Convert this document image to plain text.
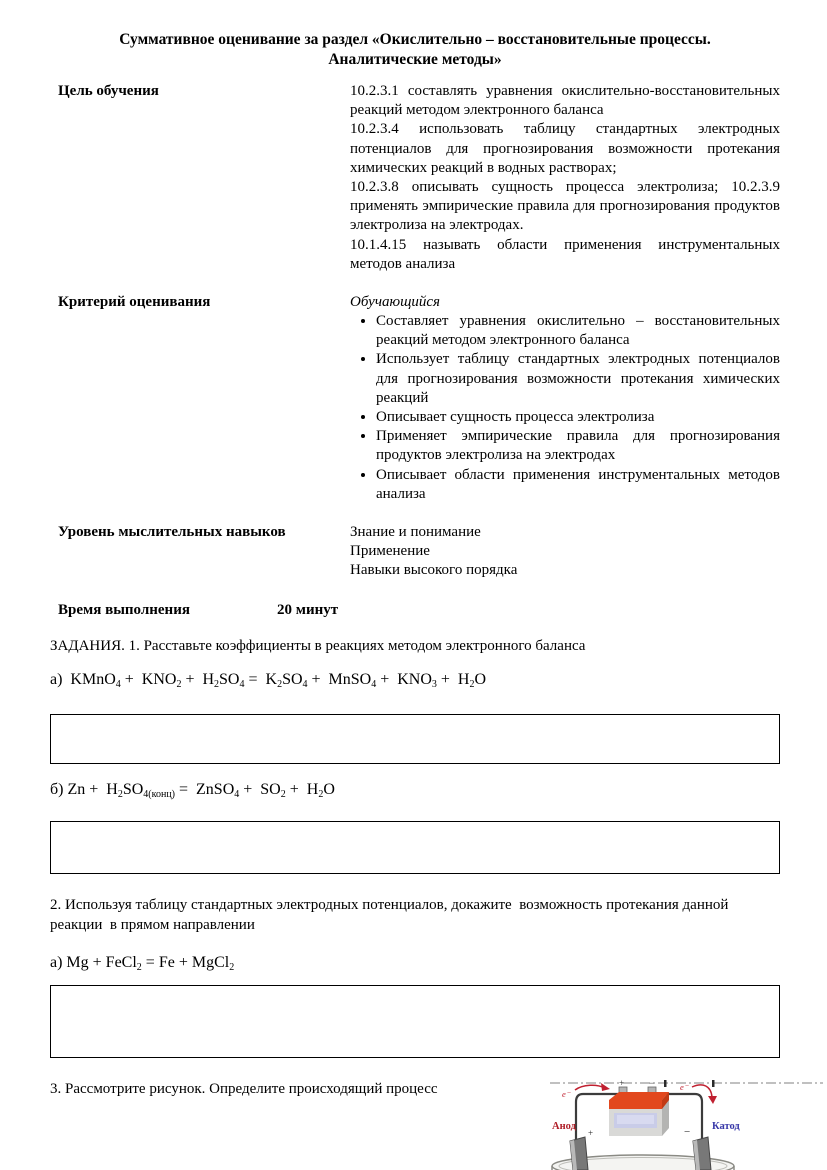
Суммативное оценивание за раздел «Окислительно – восстановительные процессы.
Аналитические методы»
Цель обучения	10.2.3.1 составлять уравнения окислительно-восстановительных реакций методом электронного баланса

10.2.3.4 использовать таблицу стандартных электродных потенциалов для прогнозирования возможности протекания химических реакций в водных растворах;

10.2.3.8 описывать сущность процесса электролиза; 10.2.3.9 применять эмпирические правила для прогнозирования продуктов электролиза на электродах.

10.1.4.15 называть области применения инструментальных методов анализа

Критерий оценивания	Обучающийся
• Составляет уравнения окислительно – восстановительных реакций методом электронного баланса
• Использует таблицу стандартных электродных потенциалов для прогнозирования возможности протекания химических реакций
• Описывает сущность процесса электролиза
• Применяет эмпирические правила для прогнозирования продуктов электролиза на электродах
• Описывает области применения инструментальных методов анализа
Уровень мыслительных навыков	Знание и понимание

Применение

Навыки высокого порядка

Время выполнения	20 минут
ЗАДАНИЯ. 1. Расставьте коэффициенты в реакциях методом электронного баланса
а)  KMnO$_4$ +  $KNO_2 + H_2SO_4 = K_2SO_4$ +  MnSO$_4$ +  $KNO_3 + H_2O$
б) $Zn + H_2SO_{4(конц)}$ =  ZnSO$_4$ +  $SO_2 + H_2O$
2. Используя таблицу стандартных электродных потенциалов, докажите  возможность протекания данной  реакции  в прямом направлении
а) Mg + FeCl$_2$ = Fe + MgCl$_2$
3. Рассмотрите рисунок. Определите происходящий процесс	e⁻
e⁻
+	−
Анод
+	− Катод
